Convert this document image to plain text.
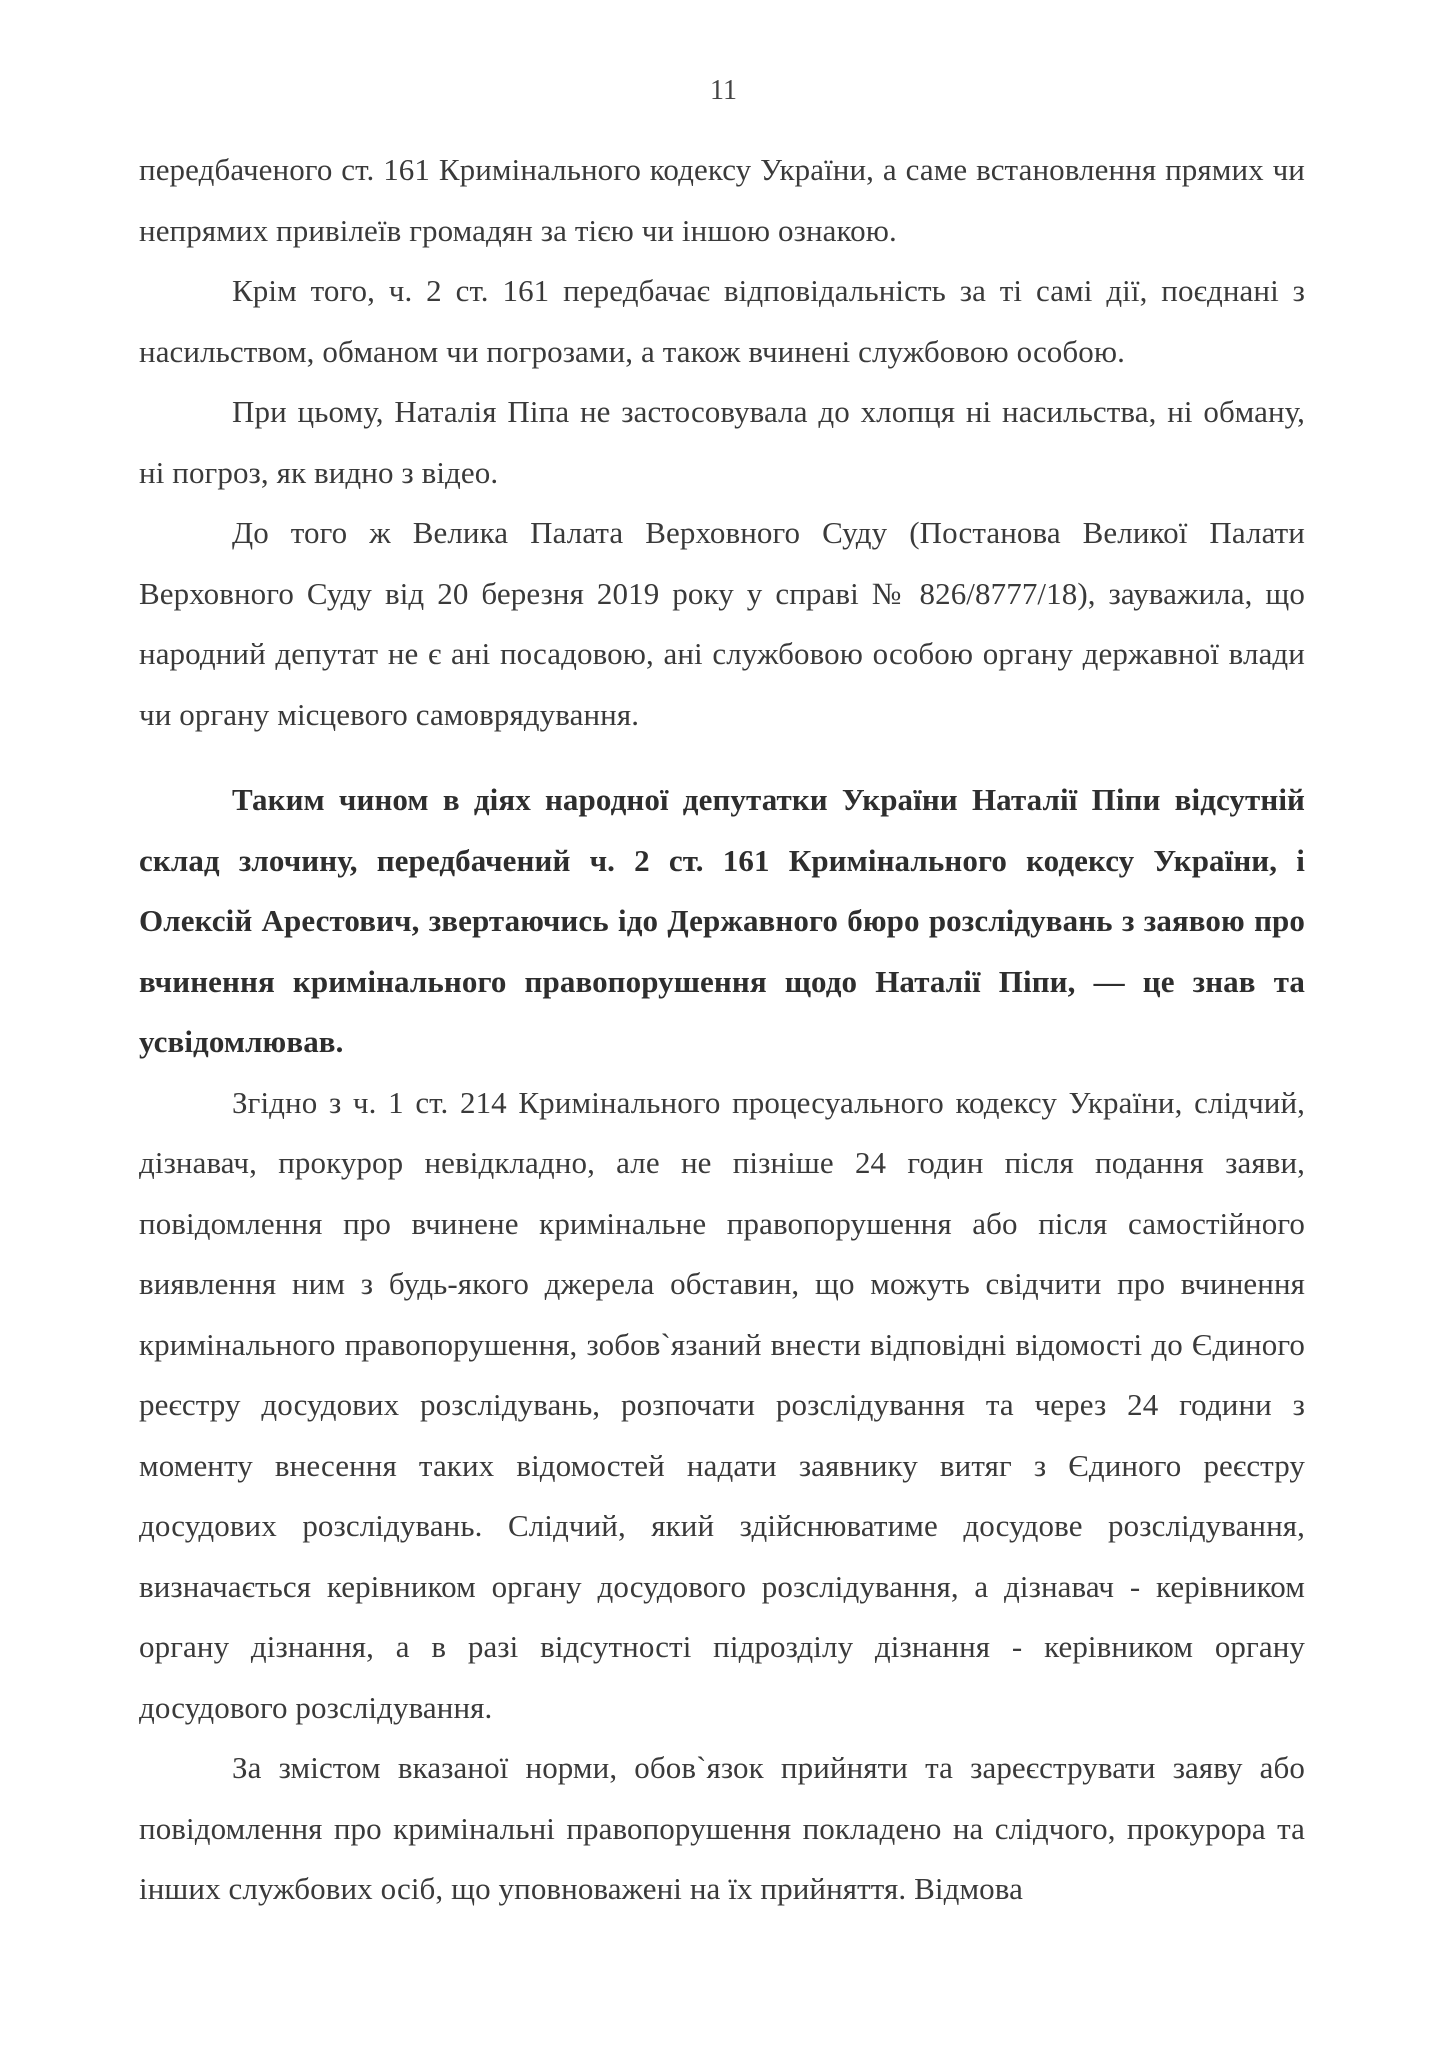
11

передбаченого ст. 161 Кримінального кодексу України, а саме встановлення прямих чи непрямих привілеїв громадян за тією чи іншою ознакою.

Крім того, ч. 2 ст. 161 передбачає відповідальність за ті самі дії, поєднані з насильством, обманом чи погрозами, а також вчинені службовою особою.

При цьому, Наталія Піпа не застосовувала до хлопця ні насильства, ні обману, ні погроз, як видно з відео.

До того ж Велика Палата Верховного Суду (Постанова Великої Палати Верховного Суду від 20 березня 2019 року у справі № 826/8777/18), зауважила, що народний депутат не є ані посадовою, ані службовою особою органу державної влади чи органу місцевого самоврядування.

Таким чином в діях народної депутатки України Наталії Піпи відсутній склад злочину, передбачений ч. 2 ст. 161 Кримінального кодексу України, і Олексій Арестович, звертаючись ідо Державного бюро розслідувань з заявою про вчинення кримінального правопорушення щодо Наталії Піпи, — це знав та усвідомлював.

Згідно з ч. 1 ст. 214 Кримінального процесуального кодексу України, слідчий, дізнавач, прокурор невідкладно, але не пізніше 24 годин після подання заяви, повідомлення про вчинене кримінальне правопорушення або після самостійного виявлення ним з будь-якого джерела обставин, що можуть свідчити про вчинення кримінального правопорушення, зобов`язаний внести відповідні відомості до Єдиного реєстру досудових розслідувань, розпочати розслідування та через 24 години з моменту внесення таких відомостей надати заявнику витяг з Єдиного реєстру досудових розслідувань. Слідчий, який здійснюватиме досудове розслідування, визначається керівником органу досудового розслідування, а дізнавач - керівником органу дізнання, а в разі відсутності підрозділу дізнання - керівником органу досудового розслідування.

За змістом вказаної норми, обов`язок прийняти та зареєструвати заяву або повідомлення про кримінальні правопорушення покладено на слідчого, прокурора та інших службових осіб, що уповноважені на їх прийняття. Відмова
